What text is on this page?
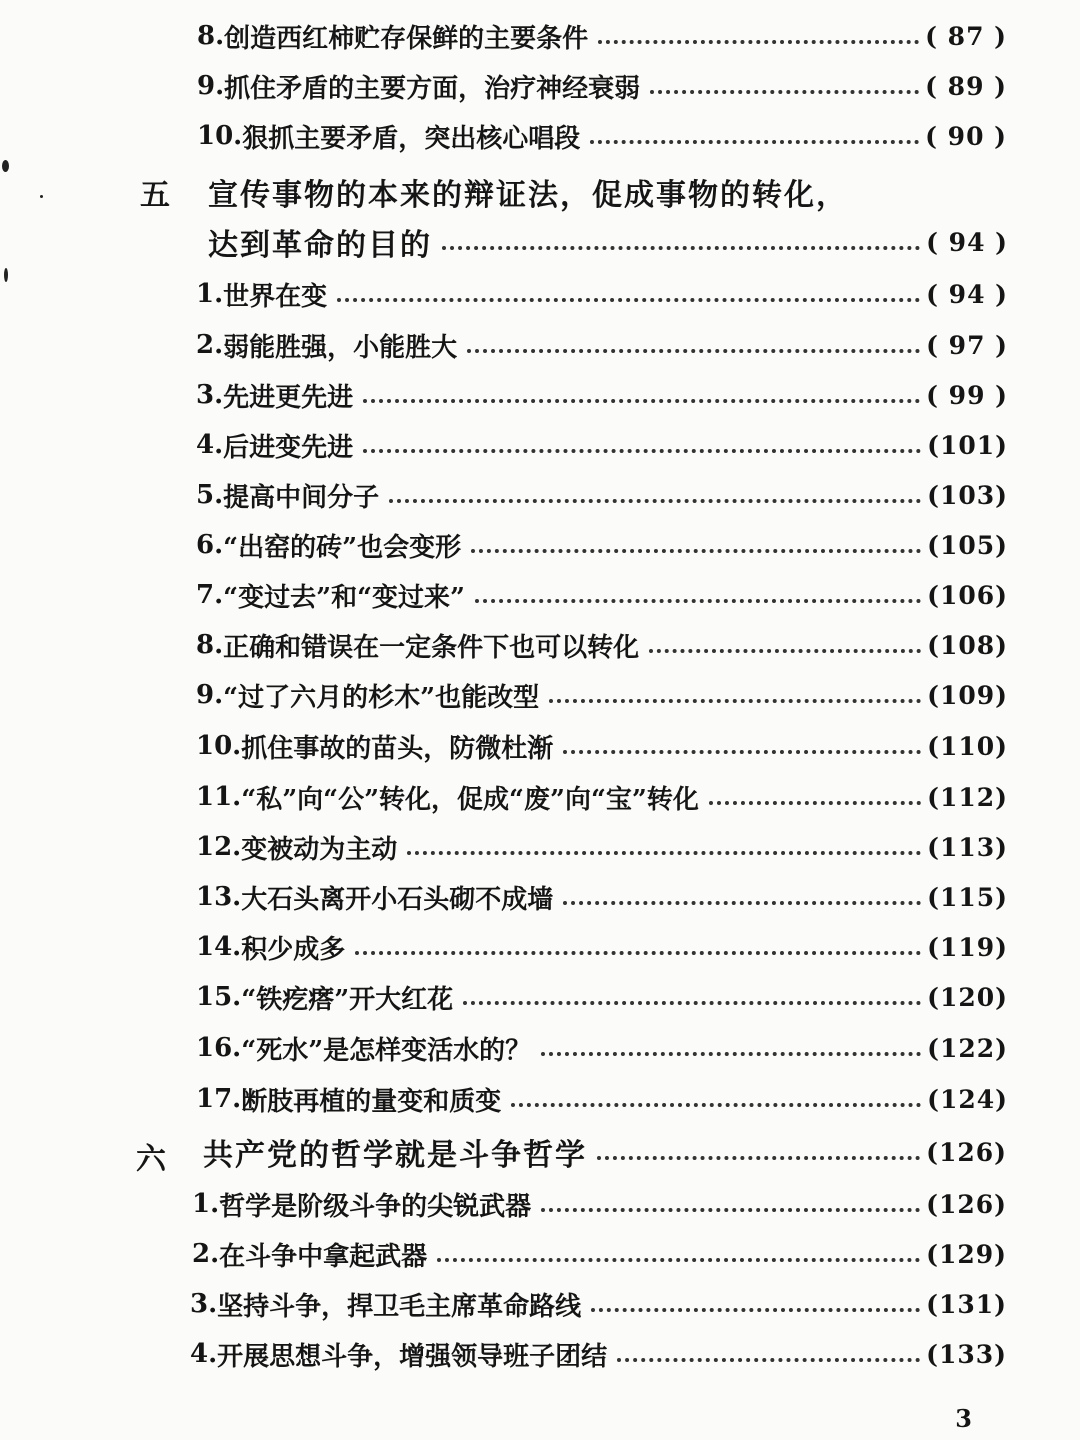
8. 创造西红柿贮存保鲜的主要条件	( 87 )
9. 抓住矛盾的主要方面，治疗神经衰弱	( 89 )
10. 狠抓主要矛盾，突出核心唱段	( 90 )
五 宣传事物的本来的辩证法，促成事物的转化，
达到革命的目的	( 94 )
1. 世界在变	( 94 )
2. 弱能胜强，小能胜大	( 97 )
3. 先进更先进	( 99 )
4. 后进变先进	(101)
5. 提高中间分子	(103)
6. “出窑的砖”也会变形	(105)
7. “变过去”和“变过来”	(106)
8. 正确和错误在一定条件下也可以转化	(108)
9. “过了六月的杉木”也能改型	(109)
10. 抓住事故的苗头，防微杜渐	(110)
11. “私”向“公”转化，促成“废”向“宝”转化	(112)
12. 变被动为主动	(113)
13. 大石头离开小石头砌不成墙	(115)
14. 积少成多	(119)
15. “铁疙瘩”开大红花	(120)
16. “死水”是怎样变活水的？	(122)
17. 断肢再植的量变和质变	(124)
六 共产党的哲学就是斗争哲学	(126)
1. 哲学是阶级斗争的尖锐武器	(126)
2. 在斗争中拿起武器	(129)
3. 坚持斗争，捍卫毛主席革命路线	(131)
4. 开展思想斗争，增强领导班子团结	(133)
3
